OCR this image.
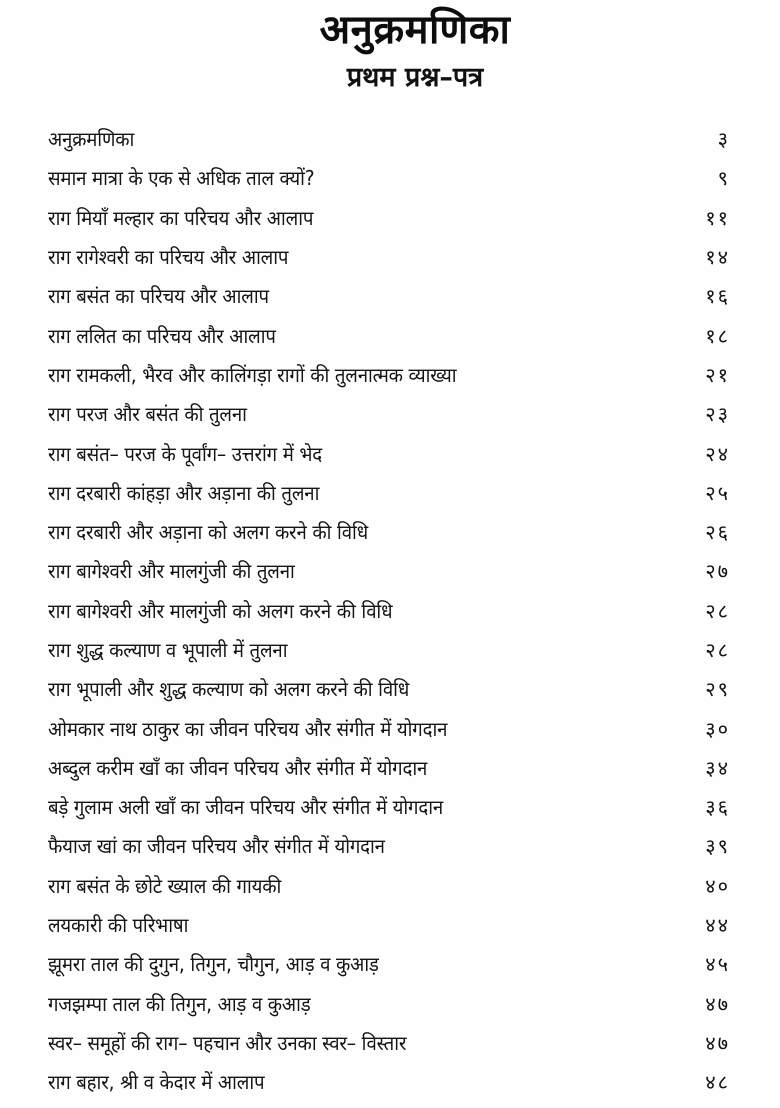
अनुक्रमणिका
प्रथम प्रश्न–पत्र
अनुक्रमणिका	३
समान मात्रा के एक से अधिक ताल क्यों?	९
राग मियाँ मल्हार का परिचय और आलाप	११
राग रागेश्वरी का परिचय और आलाप	१४
राग बसंत का परिचय और आलाप	१६
राग ललित का परिचय और आलाप	१८
राग रामकली, भैरव और कालिंगड़ा रागों की तुलनात्मक व्याख्या	२१
राग परज और बसंत की तुलना	२३
राग बसंत– परज के पूर्वांग– उत्तरांग में भेद	२४
राग दरबारी कांहड़ा और अड़ाना की तुलना	२५
राग दरबारी और अड़ाना को अलग करने की विधि	२६
राग बागेश्वरी और मालगुंजी की तुलना	२७
राग बागेश्वरी और मालगुंजी को अलग करने की विधि	२८
राग शुद्ध कल्याण व भूपाली में तुलना	२८
राग भूपाली और शुद्ध कल्याण को अलग करने की विधि	२९
ओमकार नाथ ठाकुर का जीवन परिचय और संगीत में योगदान	३०
अब्दुल करीम खाँ का जीवन परिचय और संगीत में योगदान	३४
बड़े गुलाम अली खाँ का जीवन परिचय और संगीत में योगदान	३६
फैयाज खां का जीवन परिचय और संगीत में योगदान	३९
राग बसंत के छोटे ख्याल की गायकी	४०
लयकारी की परिभाषा	४४
झूमरा ताल की दुगुन, तिगुन, चौगुन, आड़ व कुआड़	४५
गजझम्पा ताल की तिगुन, आड़ व कुआड़	४७
स्वर– समूहों की राग– पहचान और उनका स्वर– विस्तार	४७
राग बहार, श्री व केदार में आलाप	४८
